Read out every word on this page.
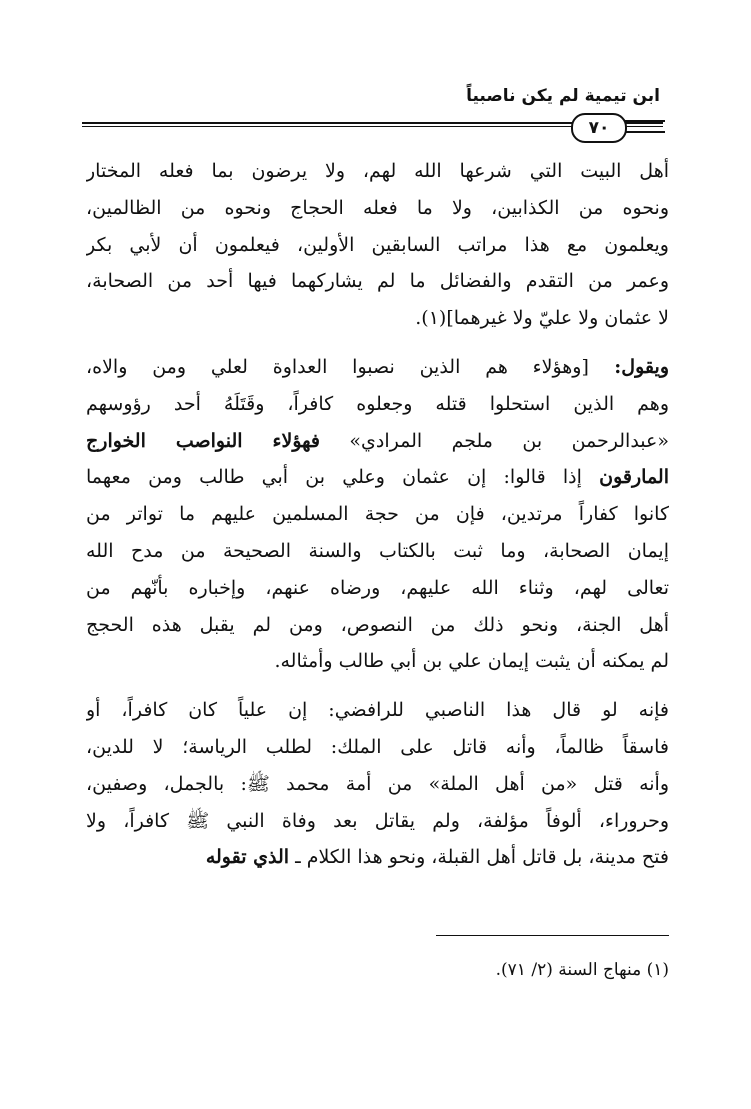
ابن تيمية لم يكن ناصبياً
٧٠
أهل البيت التي شرعها الله لهم، ولا يرضون بما فعله المختار
ونحوه من الكذابين، ولا ما فعله الحجاج ونحوه من الظالمين،
ويعلمون مع هذا مراتب السابقين الأولين، فيعلمون أن لأبي بكر
وعمر من التقدم والفضائل ما لم يشاركهما فيها أحد من الصحابة،
لا عثمان ولا عليّ ولا غيرهما](١).
ويقول: [وهؤلاء هم الذين نصبوا العداوة لعلي ومن والاه،
وهم الذين استحلوا قتله وجعلوه كافراً، وقَتَلَهُ أحد رؤوسهم
«عبدالرحمن بن ملجم المرادي» فهؤلاء النواصب الخوارج
المارقون إذا قالوا: إن عثمان وعلي بن أبي طالب ومن معهما
كانوا كفاراً مرتدين، فإن من حجة المسلمين عليهم ما تواتر من
إيمان الصحابة، وما ثبت بالكتاب والسنة الصحيحة من مدح الله
تعالى لهم، وثناء الله عليهم، ورضاه عنهم، وإخباره بأنّهم من
أهل الجنة، ونحو ذلك من النصوص، ومن لم يقبل هذه الحجج
لم يمكنه أن يثبت إيمان علي بن أبي طالب وأمثاله.
فإنه لو قال هذا الناصبي للرافضي: إن علياً كان كافراً، أو
فاسقاً ظالماً، وأنه قاتل على الملك: لطلب الرياسة؛ لا للدين،
وأنه قتل «من أهل الملة» من أمة محمد ﷺ: بالجمل، وصفين،
وحروراء، ألوفاً مؤلفة، ولم يقاتل بعد وفاة النبي ﷺ كافراً، ولا
فتح مدينة، بل قاتل أهل القبلة، ونحو هذا الكلام ـ الذي تقوله
(١) منهاج السنة (٢/ ٧١).
